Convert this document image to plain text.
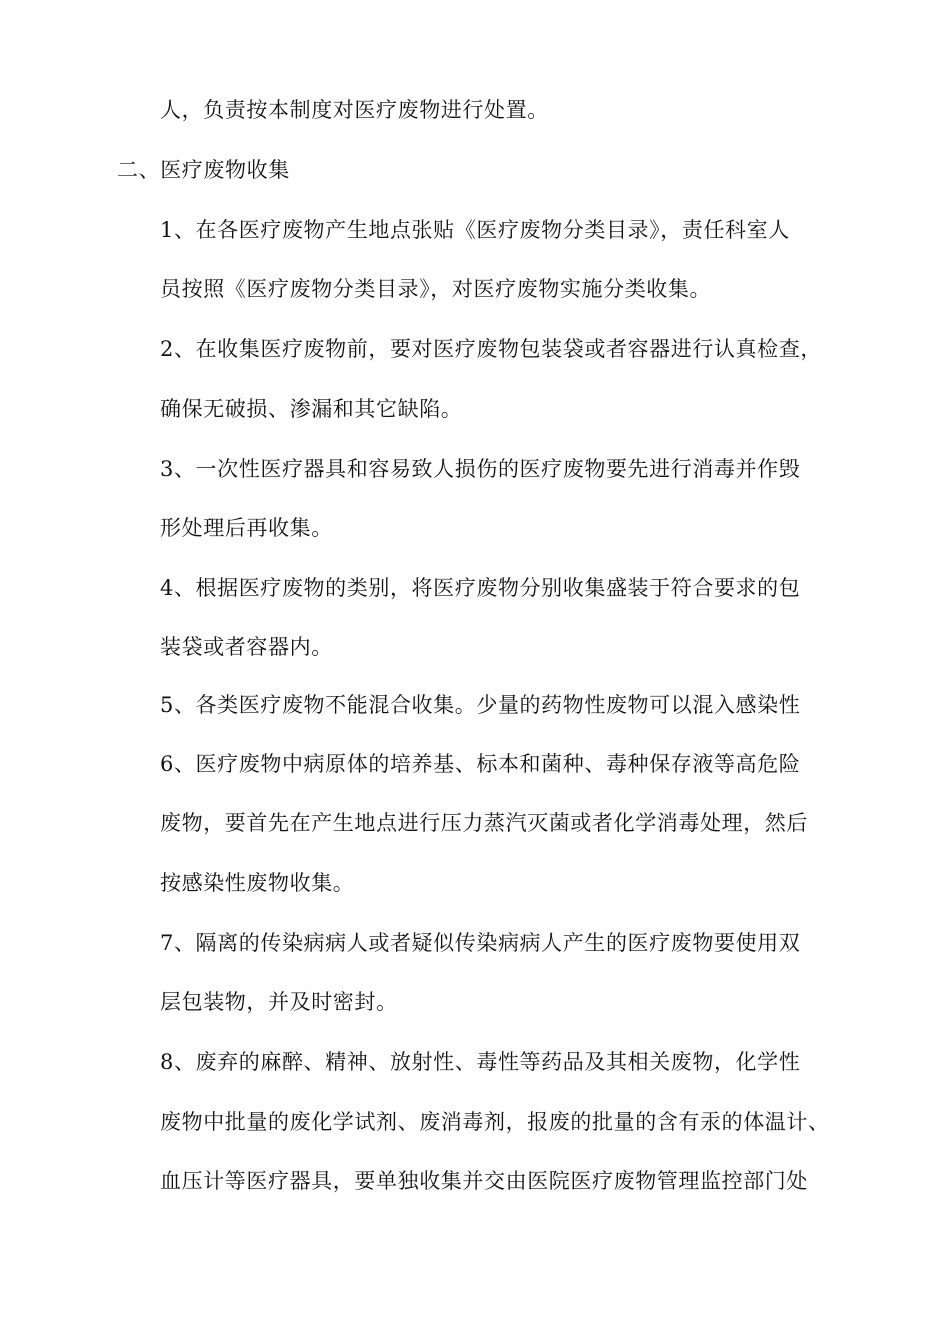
人，负责按本制度对医疗废物进行处置。
二、医疗废物收集
1、在各医疗废物产生地点张贴《医疗废物分类目录》，责任科室人
员按照《医疗废物分类目录》，对医疗废物实施分类收集。
2、在收集医疗废物前，要对医疗废物包装袋或者容器进行认真检查，
确保无破损、渗漏和其它缺陷。
3、一次性医疗器具和容易致人损伤的医疗废物要先进行消毒并作毁
形处理后再收集。
4、根据医疗废物的类别，将医疗废物分别收集盛装于符合要求的包
装袋或者容器内。
5、各类医疗废物不能混合收集。少量的药物性废物可以混入感染性
6、医疗废物中病原体的培养基、标本和菌种、毒种保存液等高危险
废物，要首先在产生地点进行压力蒸汽灭菌或者化学消毒处理，然后
按感染性废物收集。
7、隔离的传染病病人或者疑似传染病病人产生的医疗废物要使用双
层包装物，并及时密封。
8、废弃的麻醉、精神、放射性、毒性等药品及其相关废物，化学性
废物中批量的废化学试剂、废消毒剂，报废的批量的含有汞的体温计、
血压计等医疗器具，要单独收集并交由医院医疗废物管理监控部门处
